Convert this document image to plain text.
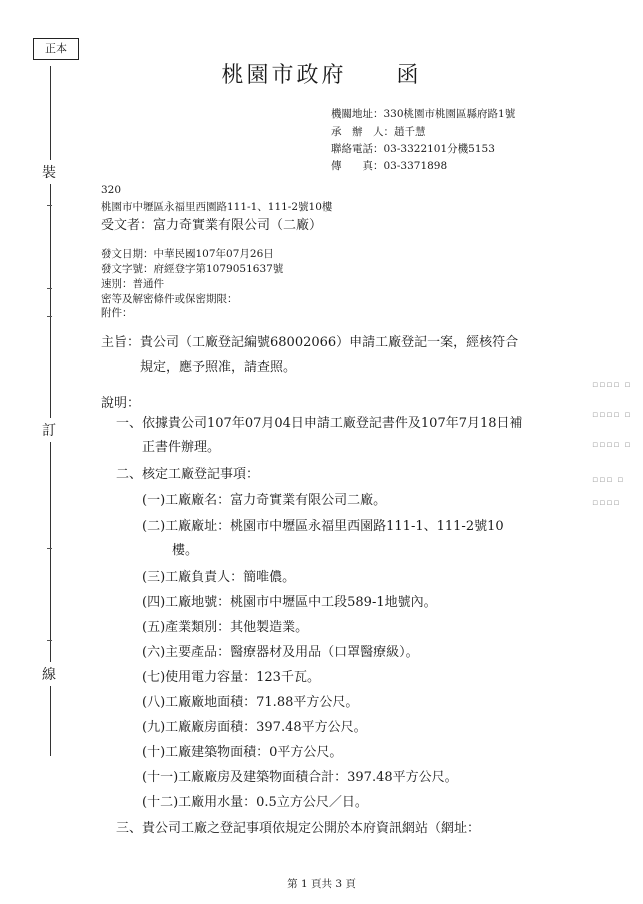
正本
裝
訂
線
桃園市政府　　函
機關地址：330桃園市桃園區縣府路1號
承　辦　人：趙千慧
聯絡電話：03-3322101分機5153
傳　　真：03-3371898
320
桃園市中壢區永福里西園路111-1、111-2號10樓
受文者：富力奇實業有限公司（二廠）
發文日期：中華民國107年07月26日
發文字號：府經登字第1079051637號
速別：普通件
密等及解密條件或保密期限：
附件：
主旨：貴公司（工廠登記編號68002066）申請工廠登記一案，經核符合
規定，應予照准，請查照。
說明：
一、依據貴公司107年07月04日申請工廠登記書件及107年7月18日補
正書件辦理。
二、核定工廠登記事項：
(一)工廠廠名：富力奇實業有限公司二廠。
(二)工廠廠址：桃園市中壢區永福里西園路111-1、111-2號10
樓。
(三)工廠負責人：簡唯儂。
(四)工廠地號：桃園市中壢區中工段589-1地號內。
(五)產業類別：其他製造業。
(六)主要產品：醫療器材及用品（口罩醫療級）。
(七)使用電力容量：123千瓦。
(八)工廠廠地面積：71.88平方公尺。
(九)工廠廠房面積：397.48平方公尺。
(十)工廠建築物面積：0平方公尺。
(十一)工廠廠房及建築物面積合計：397.48平方公尺。
(十二)工廠用水量：0.5立方公尺／日。
三、貴公司工廠之登記事項依規定公開於本府資訊網站（網址：
▫▫▫▫ ▫
▫▫▫▫ ▫
▫▫▫▫ ▫
▫▫▫ ▫
▫▫▫▫
第 1 頁共 3 頁
